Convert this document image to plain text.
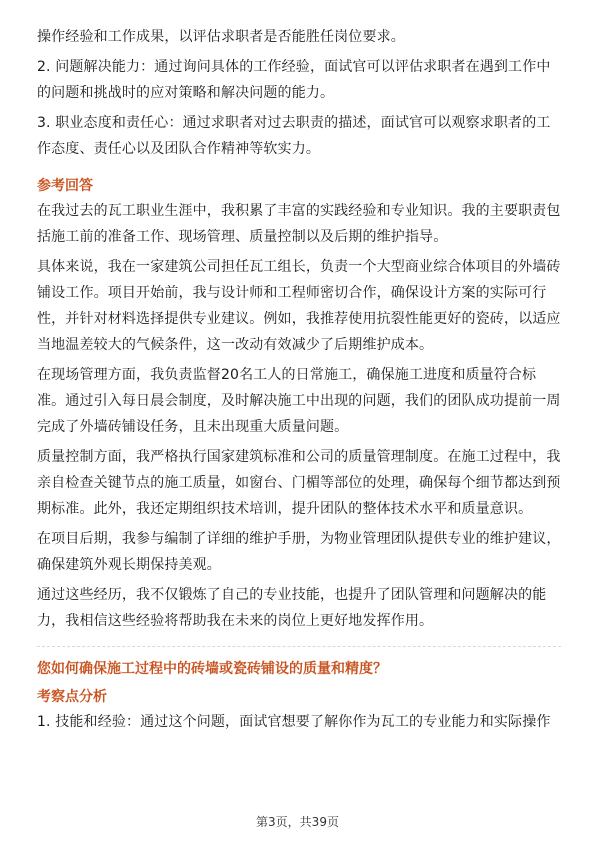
操作经验和工作成果，以评估求职者是否能胜任岗位要求。

2. 问题解决能力：通过询问具体的工作经验，面试官可以评估求职者在遇到工作中的问题和挑战时的应对策略和解决问题的能力。

3. 职业态度和责任心：通过求职者对过去职责的描述，面试官可以观察求职者的工作态度、责任心以及团队合作精神等软实力。

参考回答

在我过去的瓦工职业生涯中，我积累了丰富的实践经验和专业知识。我的主要职责包括施工前的准备工作、现场管理、质量控制以及后期的维护指导。

具体来说，我在一家建筑公司担任瓦工组长，负责一个大型商业综合体项目的外墙砖铺设工作。项目开始前，我与设计师和工程师密切合作，确保设计方案的实际可行性，并针对材料选择提供专业建议。例如，我推荐使用抗裂性能更好的瓷砖，以适应当地温差较大的气候条件，这一改动有效减少了后期维护成本。

在现场管理方面，我负责监督20名工人的日常施工，确保施工进度和质量符合标准。通过引入每日晨会制度，及时解决施工中出现的问题，我们的团队成功提前一周完成了外墙砖铺设任务，且未出现重大质量问题。

质量控制方面，我严格执行国家建筑标准和公司的质量管理制度。在施工过程中，我亲自检查关键节点的施工质量，如窗台、门楣等部位的处理，确保每个细节都达到预期标准。此外，我还定期组织技术培训，提升团队的整体技术水平和质量意识。

在项目后期，我参与编制了详细的维护手册，为物业管理团队提供专业的维护建议，确保建筑外观长期保持美观。

通过这些经历，我不仅锻炼了自己的专业技能，也提升了团队管理和问题解决的能力，我相信这些经验将帮助我在未来的岗位上更好地发挥作用。

您如何确保施工过程中的砖墙或瓷砖铺设的质量和精度？
考察点分析

1. 技能和经验：通过这个问题，面试官想要了解你作为瓦工的专业能力和实际操作

第3页，共39页
